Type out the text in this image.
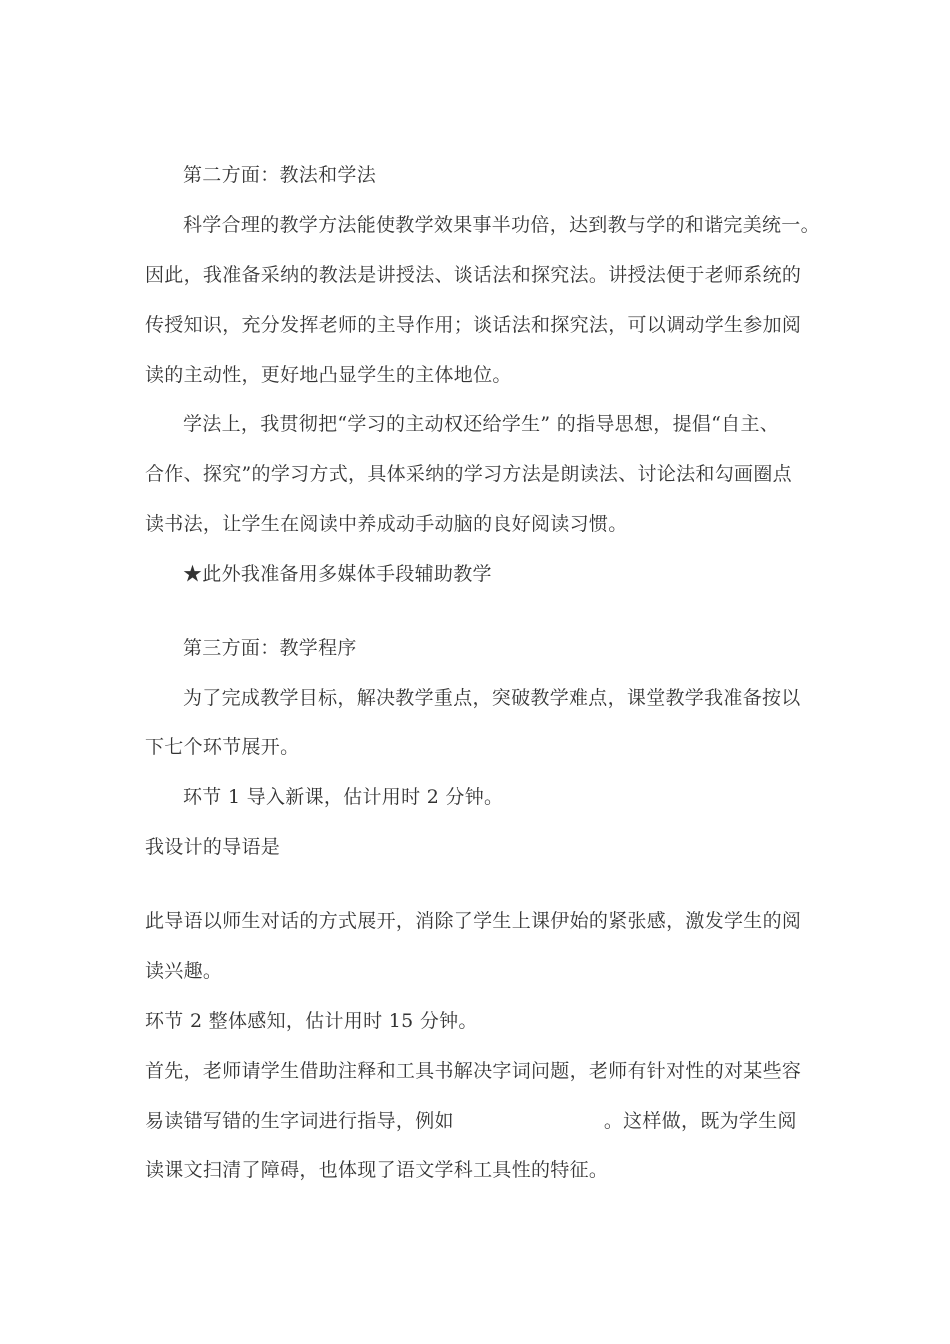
第二方面：教法和学法
科学合理的教学方法能使教学效果事半功倍，达到教与学的和谐完美统一。
因此，我准备采纳的教法是讲授法、谈话法和探究法。讲授法便于老师系统的
传授知识，充分发挥老师的主导作用；谈话法和探究法，可以调动学生参加阅
读的主动性，更好地凸显学生的主体地位。
学法上，我贯彻把“学习的主动权还给学生” 的指导思想，提倡“自主、
合作、探究”的学习方式，具体采纳的学习方法是朗读法、讨论法和勾画圈点
读书法，让学生在阅读中养成动手动脑的良好阅读习惯。
★此外我准备用多媒体手段辅助教学
第三方面：教学程序
为了完成教学目标，解决教学重点，突破教学难点，课堂教学我准备按以
下七个环节展开。
环节 1 导入新课，估计用时 2 分钟。
我设计的导语是
此导语以师生对话的方式展开，消除了学生上课伊始的紧张感，激发学生的阅
读兴趣。
环节 2 整体感知，估计用时 15 分钟。
首先，老师请学生借助注释和工具书解决字词问题，老师有针对性的对某些容
易读错写错的生字词进行指导，例如	。这样做，既为学生阅
读课文扫清了障碍，也体现了语文学科工具性的特征。
